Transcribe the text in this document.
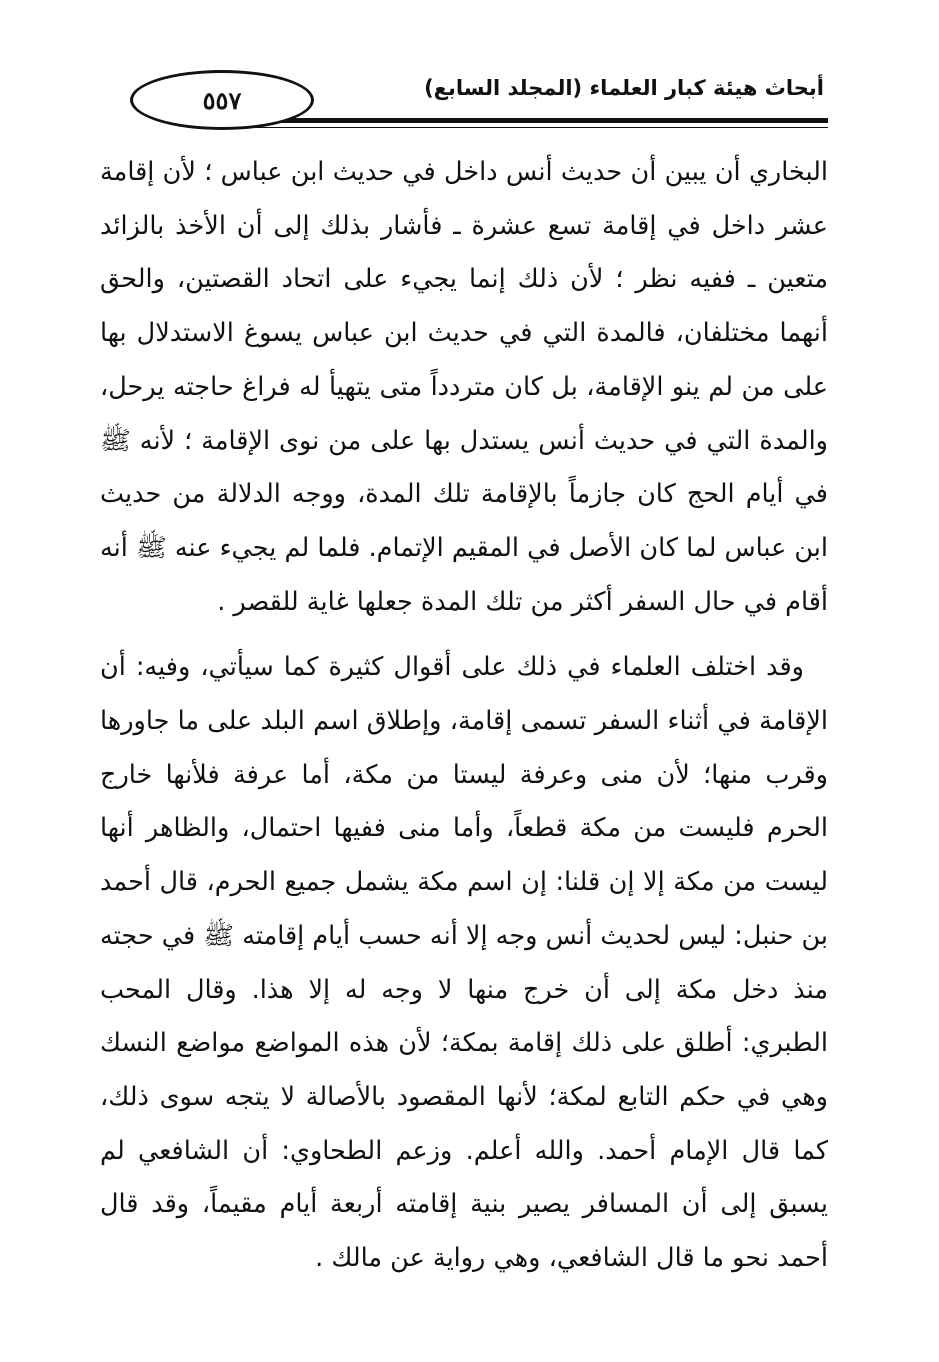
٥٥٧	أبحاث هيئة كبار العلماء (المجلد السابع)

البخاري أن يبين أن حديث أنس داخل في حديث ابن عباس ؛ لأن إقامة عشر داخل في إقامة تسع عشرة ـ فأشار بذلك إلى أن الأخذ بالزائد متعين ـ ففيه نظر ؛ لأن ذلك إنما يجيء على اتحاد القصتين، والحق أنهما مختلفان، فالمدة التي في حديث ابن عباس يسوغ الاستدلال بها على من لم ينو الإقامة، بل كان متردداً متى يتهيأ له فراغ حاجته يرحل، والمدة التي في حديث أنس يستدل بها على من نوى الإقامة ؛ لأنه ﷺ في أيام الحج كان جازماً بالإقامة تلك المدة، ووجه الدلالة من حديث ابن عباس لما كان الأصل في المقيم الإتمام. فلما لم يجيء عنه ﷺ أنه أقام في حال السفر أكثر من تلك المدة جعلها غاية للقصر .

وقد اختلف العلماء في ذلك على أقوال كثيرة كما سيأتي، وفيه: أن الإقامة في أثناء السفر تسمى إقامة، وإطلاق اسم البلد على ما جاورها وقرب منها؛ لأن منى وعرفة ليستا من مكة، أما عرفة فلأنها خارج الحرم فليست من مكة قطعاً، وأما منى ففيها احتمال، والظاهر أنها ليست من مكة إلا إن قلنا: إن اسم مكة يشمل جميع الحرم، قال أحمد بن حنبل: ليس لحديث أنس وجه إلا أنه حسب أيام إقامته ﷺ في حجته منذ دخل مكة إلى أن خرج منها لا وجه له إلا هذا. وقال المحب الطبري: أطلق على ذلك إقامة بمكة؛ لأن هذه المواضع مواضع النسك وهي في حكم التابع لمكة؛ لأنها المقصود بالأصالة لا يتجه سوى ذلك، كما قال الإمام أحمد. والله أعلم. وزعم الطحاوي: أن الشافعي لم يسبق إلى أن المسافر يصير بنية إقامته أربعة أيام مقيماً، وقد قال أحمد نحو ما قال الشافعي، وهي رواية عن مالك .
